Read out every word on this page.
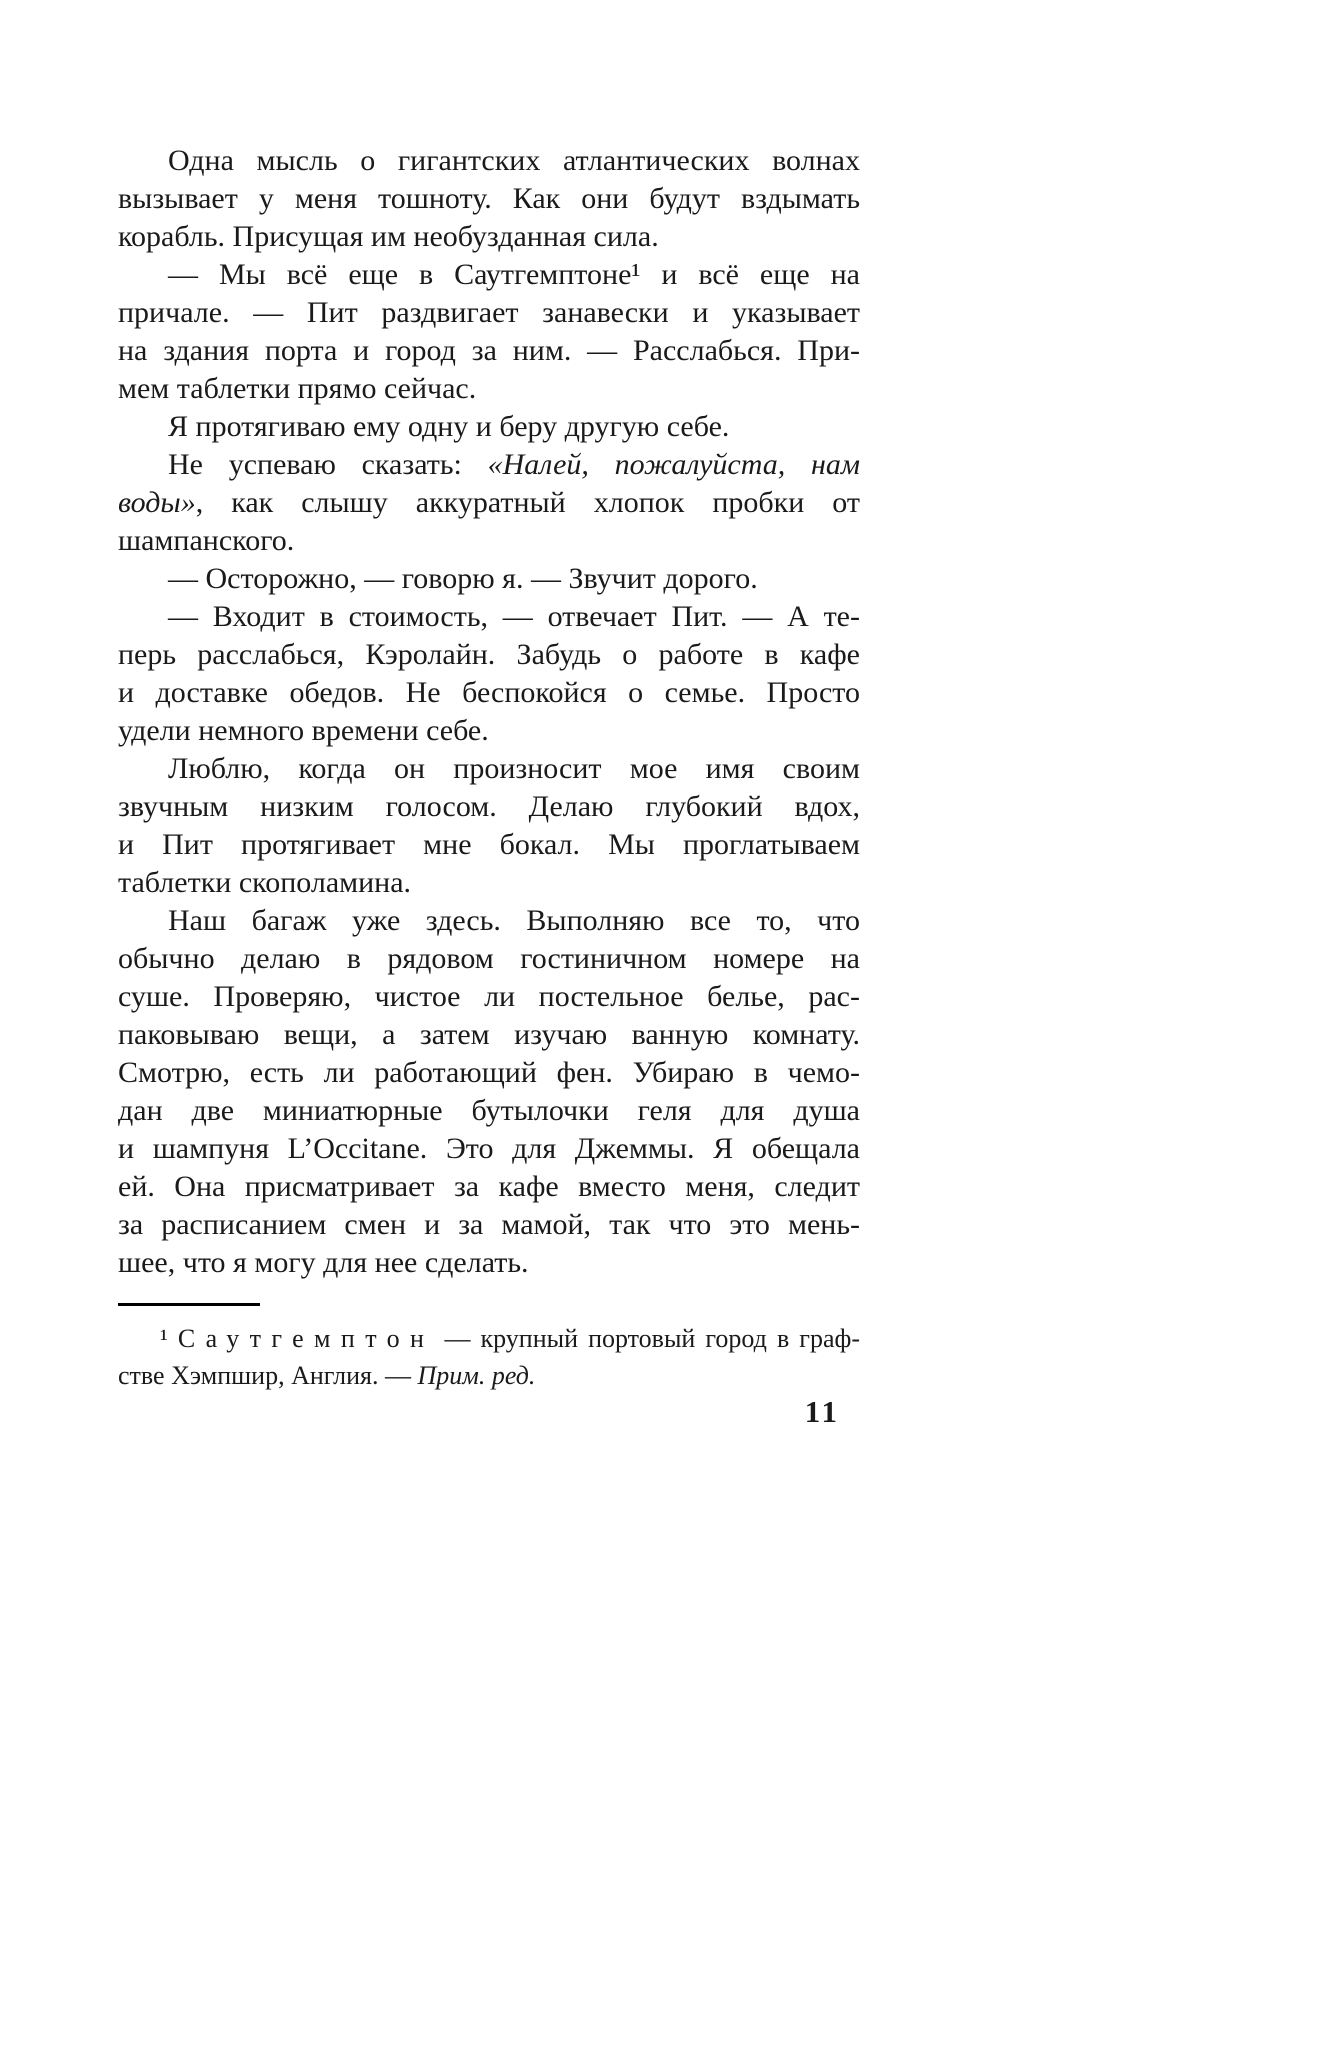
Одна мысль о гигантских атлантических волнах
вызывает у меня тошноту. Как они будут вздымать
корабль. Присущая им необузданная сила.
— Мы всё еще в Саутгемптоне¹ и всё еще на
причале. — Пит раздвигает занавески и указывает
на здания порта и город за ним. — Расслабься. При-
мем таблетки прямо сейчас.
Я протягиваю ему одну и беру другую себе.
Не успеваю сказать: «Налей, пожалуйста, нам
воды», как слышу аккуратный хлопок пробки от
шампанского.
— Осторожно, — говорю я. — Звучит дорого.
— Входит в стоимость, — отвечает Пит. — А те-
перь расслабься, Кэролайн. Забудь о работе в кафе
и доставке обедов. Не беспокойся о семье. Просто
удели немного времени себе.
Люблю, когда он произносит мое имя своим
звучным низким голосом. Делаю глубокий вдох,
и Пит протягивает мне бокал. Мы проглатываем
таблетки скополамина.
Наш багаж уже здесь. Выполняю все то, что
обычно делаю в рядовом гостиничном номере на
суше. Проверяю, чистое ли постельное белье, рас-
паковываю вещи, а затем изучаю ванную комнату.
Смотрю, есть ли работающий фен. Убираю в чемо-
дан две миниатюрные бутылочки геля для душа
и шампуня L’Occitane. Это для Джеммы. Я обещала
ей. Она присматривает за кафе вместо меня, следит
за расписанием смен и за мамой, так что это мень-
шее, что я могу для нее сделать.
¹ Саутгемптон — крупный портовый город в граф-
стве Хэмпшир, Англия. — Прим. ред.
11
